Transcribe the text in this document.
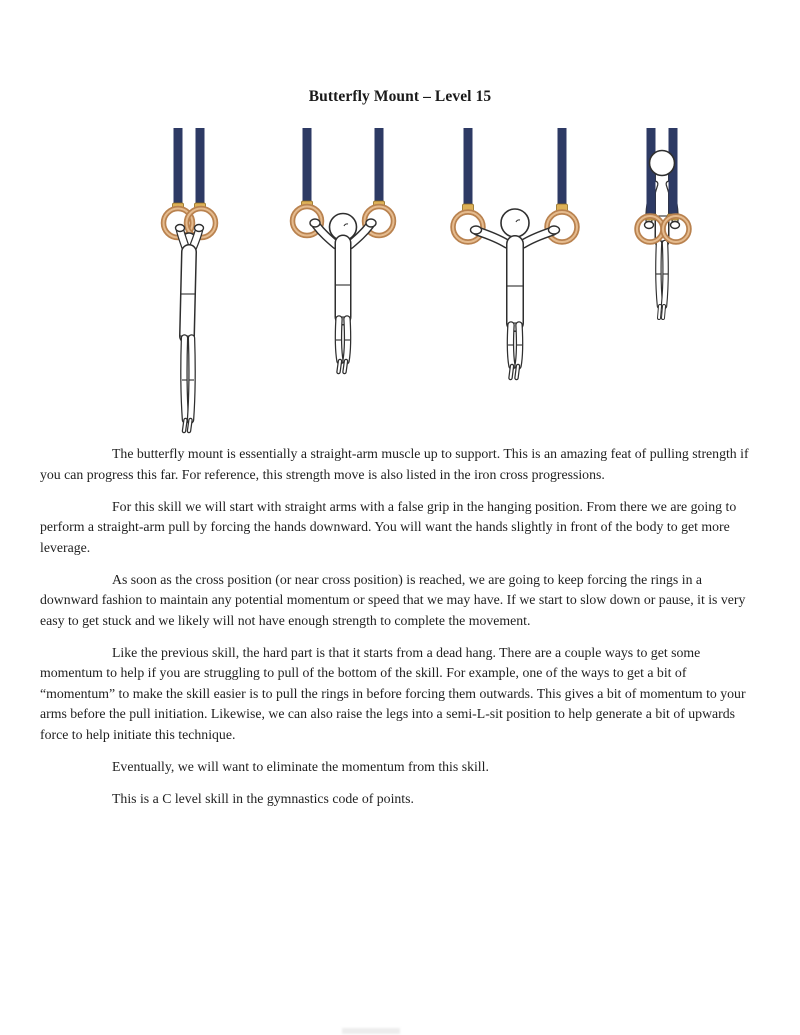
Butterfly Mount – Level 15

The butterfly mount is essentially a straight-arm muscle up to support. This is an amazing feat of pulling strength if you can progress this far. For reference, this strength move is also listed in the iron cross progressions.

For this skill we will start with straight arms with a false grip in the hanging position. From there we are going to perform a straight-arm pull by forcing the hands downward. You will want the hands slightly in front of the body to get more leverage.

As soon as the cross position (or near cross position) is reached, we are going to keep forcing the rings in a downward fashion to maintain any potential momentum or speed that we may have. If we start to slow down or pause, it is very easy to get stuck and we likely will not have enough strength to complete the movement.

Like the previous skill, the hard part is that it starts from a dead hang. There are a couple ways to get some momentum to help if you are struggling to pull of the bottom of the skill. For example, one of the ways to get a bit of “momentum” to make the skill easier is to pull the rings in before forcing them outwards. This gives a bit of momentum to your arms before the pull initiation. Likewise, we can also raise the legs into a semi-L-sit position to help generate a bit of upwards force to help initiate this technique.

Eventually, we will want to eliminate the momentum from this skill.

This is a C level skill in the gymnastics code of points.
